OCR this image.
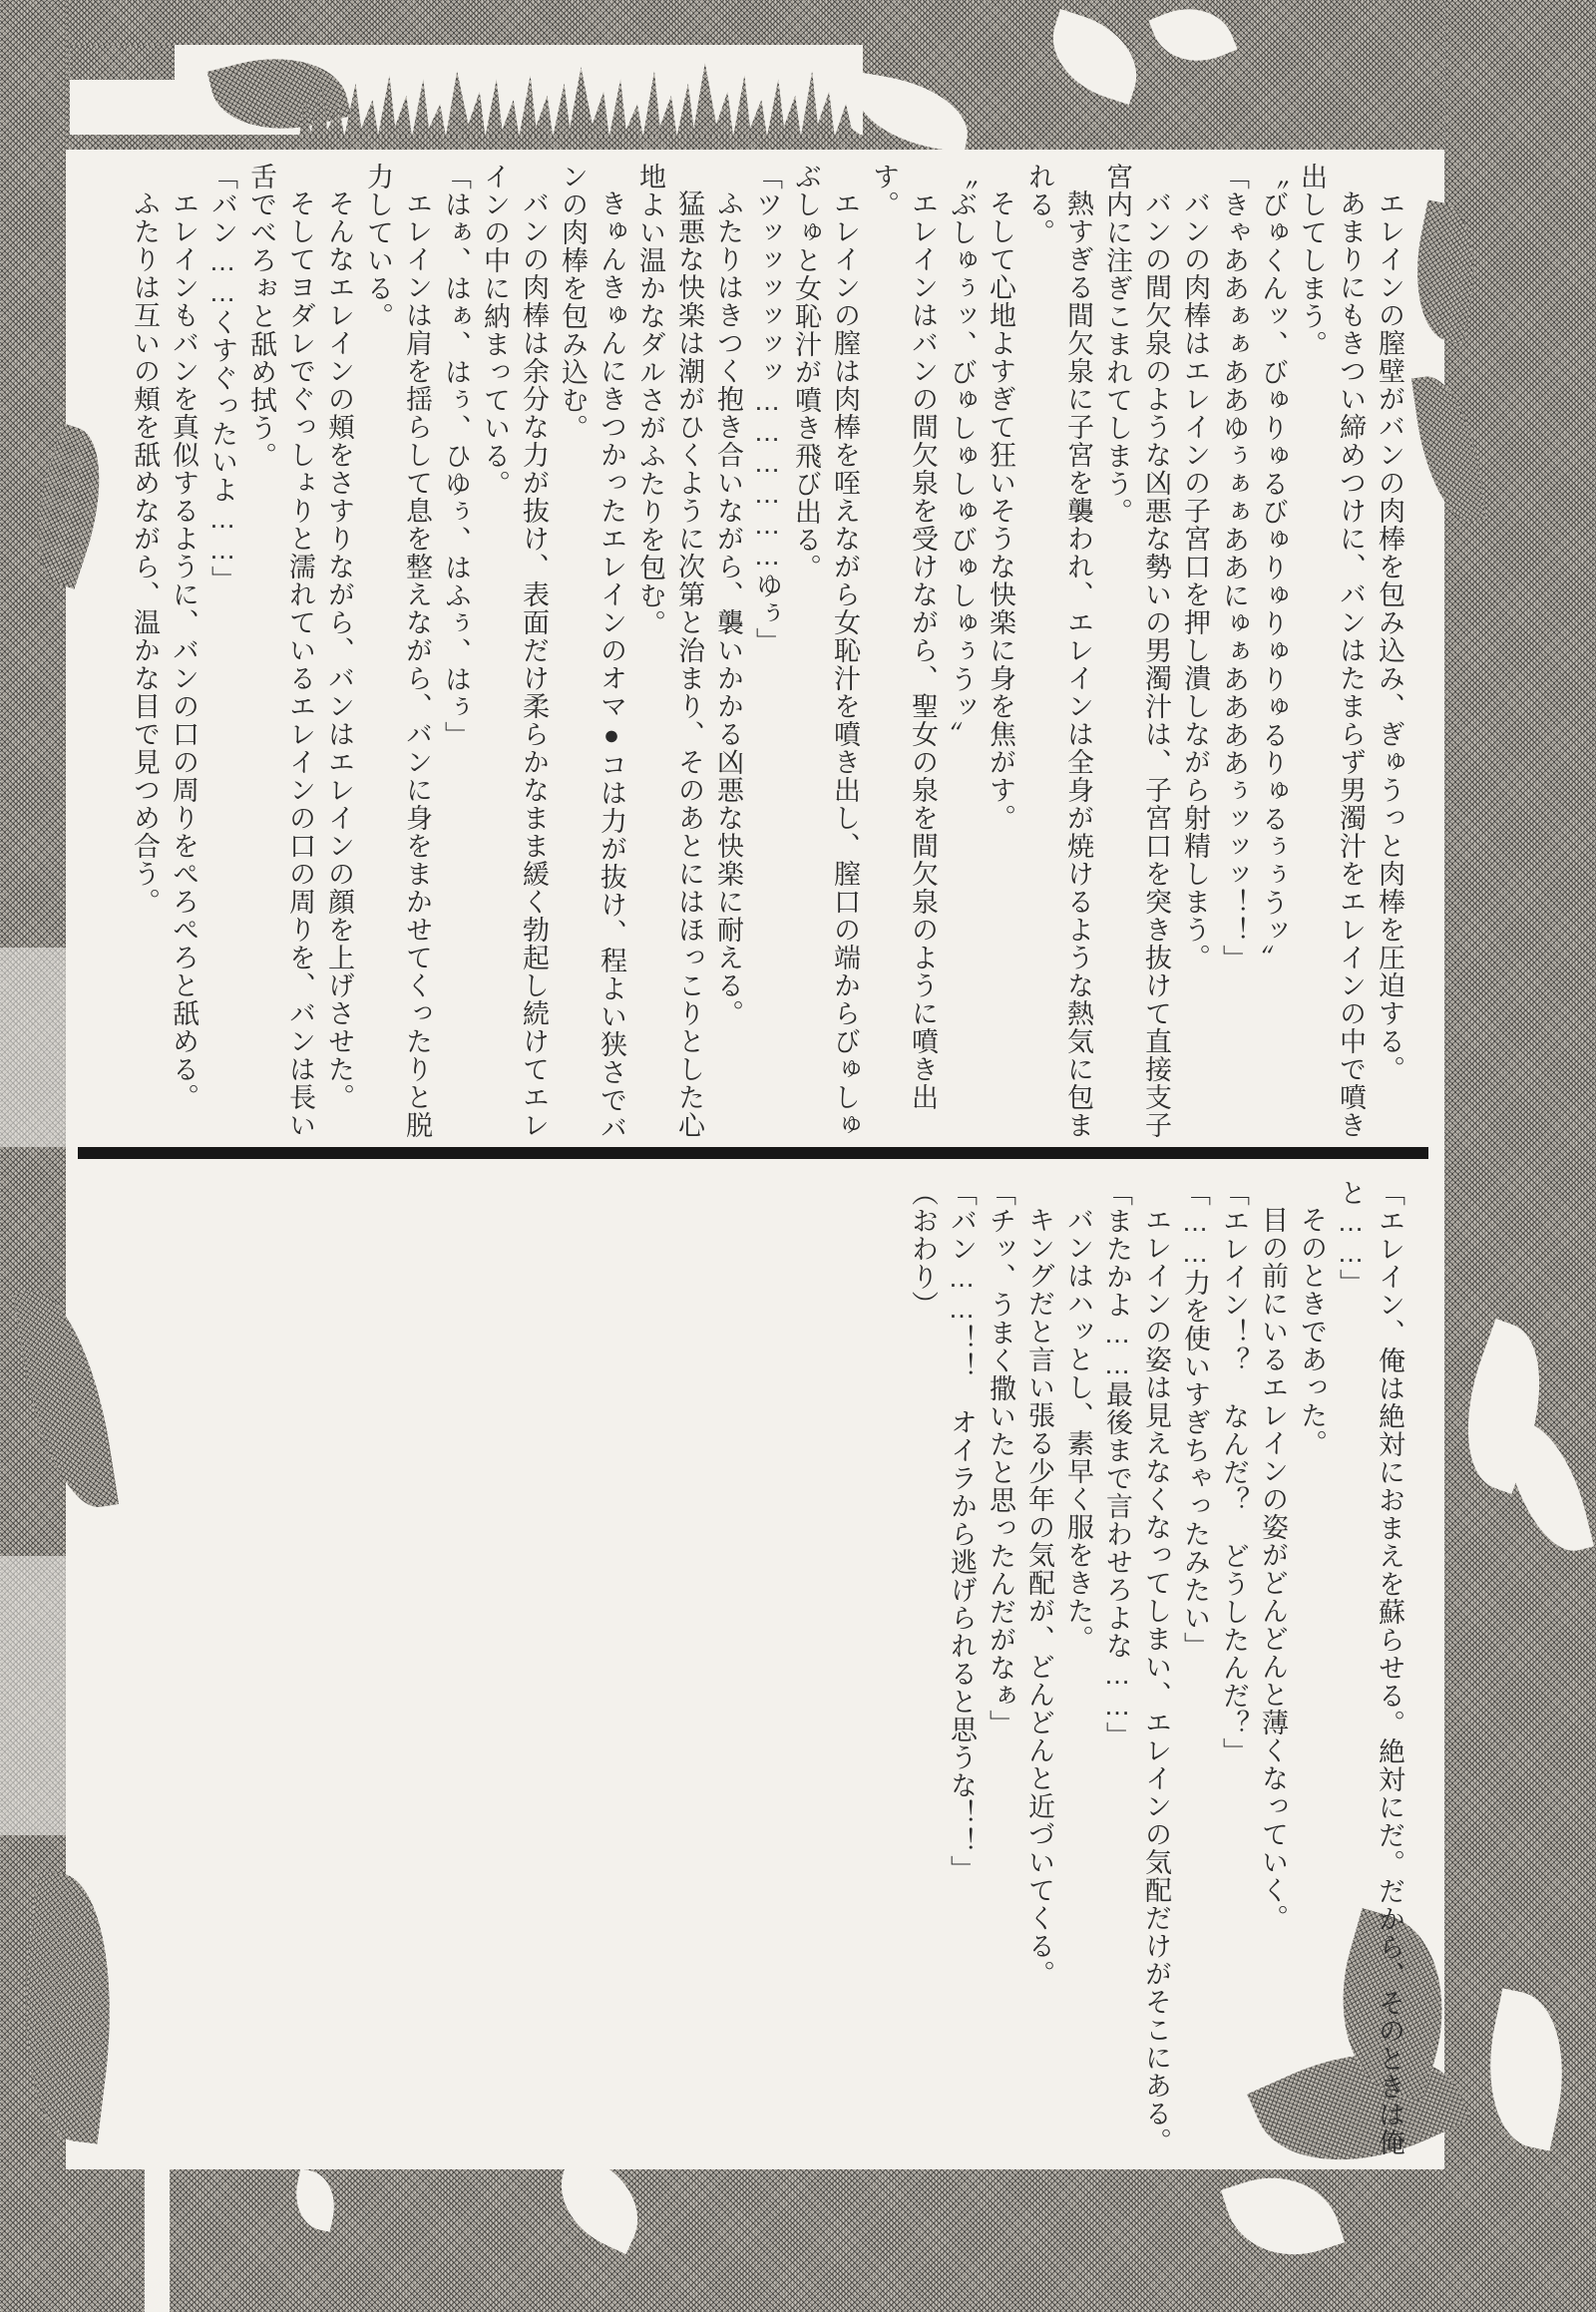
エレインの膣壁がバンの肉棒を包み込み、ぎゅうっと肉棒を圧迫する。

あまりにもきつい締めつけに、バンはたまらず男濁汁をエレインの中で噴き出してしまう。

〝びゅくんッ、びゅりゅるびゅりゅりゅりゅるりゅるぅぅうッ〟

「きゃああぁぁああゆぅぁぁああにゅぁああああぅッッッ！！」

バンの肉棒はエレインの子宮口を押し潰しながら射精しまう。

バンの間欠泉のような凶悪な勢いの男濁汁は、子宮口を突き抜けて直接支子宮内に注ぎこまれてしまう。

熱すぎる間欠泉に子宮を襲われ、エレインは全身が焼けるような熱気に包まれる。

そして心地よすぎて狂いそうな快楽に身を焦がす。

〝ぶしゅぅッ、びゅしゅしゅびゅしゅぅうッ〟

エレインはバンの間欠泉を受けながら、聖女の泉を間欠泉のように噴き出す。

エレインの膣は肉棒を咥えながら女恥汁を噴き出し、膣口の端からびゅしゅぶしゅと女恥汁が噴き飛び出る。

「ツッッッッッッ………………ゆぅ」

ふたりはきつく抱き合いながら、襲いかかる凶悪な快楽に耐える。

猛悪な快楽は潮がひくように次第と治まり、そのあとにはほっこりとした心地よい温かなダルさがふたりを包む。

きゅんきゅんにきつかったエレインのオマ●コは力が抜け、程よい狭さでバンの肉棒を包み込む。

バンの肉棒は余分な力が抜け、表面だけ柔らかなまま緩く勃起し続けてエレインの中に納まっている。

「はぁ、はぁ、はぅ、ひゆぅ、はふぅ、はぅ」

エレインは肩を揺らして息を整えながら、バンに身をまかせてくったりと脱力している。

そんなエレインの頬をさすりながら、バンはエレインの顔を上げさせた。

そしてヨダレでぐっしょりと濡れているエレインの口の周りを、バンは長い舌でべろぉと舐め拭う。

「バン……くすぐったいよ……」

エレインもバンを真似するように、バンの口の周りをぺろぺろと舐める。

ふたりは互いの頬を舐めながら、温かな目で見つめ合う。

「エレイン、俺は絶対におまえを蘇らせる。絶対にだ。だから、そのときは俺と……」

そのときであった。

目の前にいるエレインの姿がどんどんと薄くなっていく。

「エレイン！？　なんだ？　どうしたんだ？」

「……力を使いすぎちゃったみたい」

エレインの姿は見えなくなってしまい、エレインの気配だけがそこにある。

「またかよ……最後まで言わせろよな……」

バンはハッとし、素早く服をきた。

キングだと言い張る少年の気配が、どんどんと近づいてくる。

「チッ、うまく撒いたと思ったんだがなぁ」

「バン……！！　オイラから逃げられると思うな！！」

（おわり）
